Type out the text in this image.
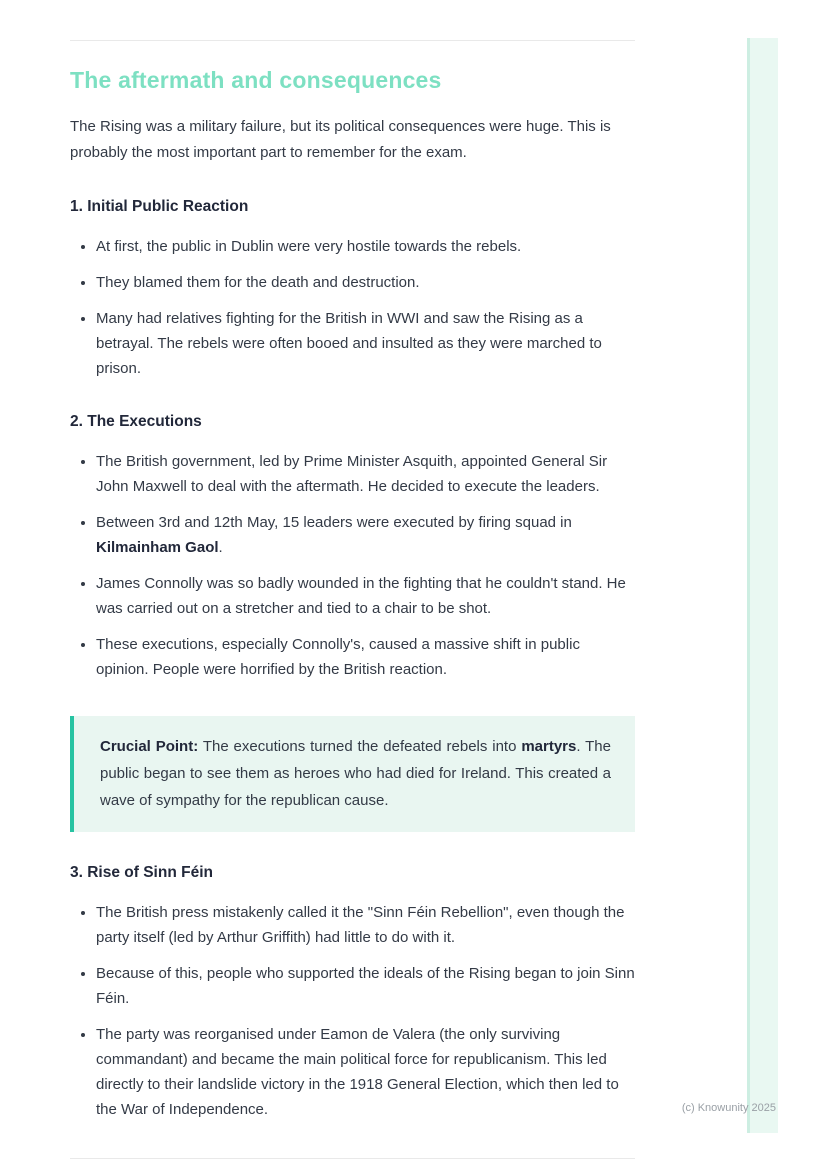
The aftermath and consequences

The Rising was a military failure, but its political consequences were huge. This is probably the most important part to remember for the exam.

1. Initial Public Reaction
• At first, the public in Dublin were very hostile towards the rebels.
• They blamed them for the death and destruction.
• Many had relatives fighting for the British in WWI and saw the Rising as a betrayal. The rebels were often booed and insulted as they were marched to prison.
2. The Executions
• The British government, led by Prime Minister Asquith, appointed General Sir John Maxwell to deal with the aftermath. He decided to execute the leaders.
• Between 3rd and 12th May, 15 leaders were executed by firing squad in Kilmainham Gaol.
• James Connolly was so badly wounded in the fighting that he couldn't stand. He was carried out on a stretcher and tied to a chair to be shot.
• These executions, especially Connolly's, caused a massive shift in public opinion. People were horrified by the British reaction.
Crucial Point: The executions turned the defeated rebels into martyrs. The public began to see them as heroes who had died for Ireland. This created a wave of sympathy for the republican cause.
3. Rise of Sinn Féin
• The British press mistakenly called it the "Sinn Féin Rebellion", even though the party itself (led by Arthur Griffith) had little to do with it.
• Because of this, people who supported the ideals of the Rising began to join Sinn Féin.
• The party was reorganised under Eamon de Valera (the only surviving commandant) and became the main political force for republicanism. This led directly to their landslide victory in the 1918 General Election, which then led to the War of Independence.	(c) Knowunity 2025
